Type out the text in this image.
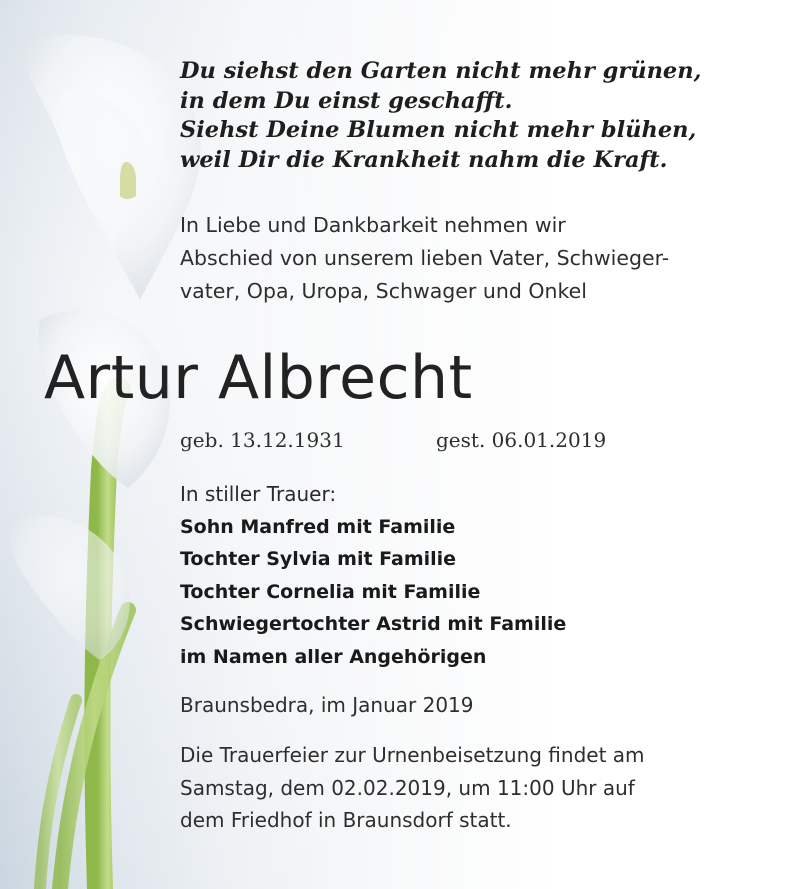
Du siehst den Garten nicht mehr grünen,
in dem Du einst geschafft.
Siehst Deine Blumen nicht mehr blühen,
weil Dir die Krankheit nahm die Kraft.
In Liebe und Dankbarkeit nehmen wir
Abschied von unserem lieben Vater, Schwieger-
vater, Opa, Uropa, Schwager und Onkel
Artur Albrecht
geb. 13.12.1931	gest. 06.01.2019
In stiller Trauer:
Sohn Manfred mit Familie
Tochter Sylvia mit Familie
Tochter Cornelia mit Familie
Schwiegertochter Astrid mit Familie
im Namen aller Angehörigen
Braunsbedra, im Januar 2019
Die Trauerfeier zur Urnenbeisetzung findet am
Samstag, dem 02.02.2019, um 11:00 Uhr auf
dem Friedhof in Braunsdorf statt.
